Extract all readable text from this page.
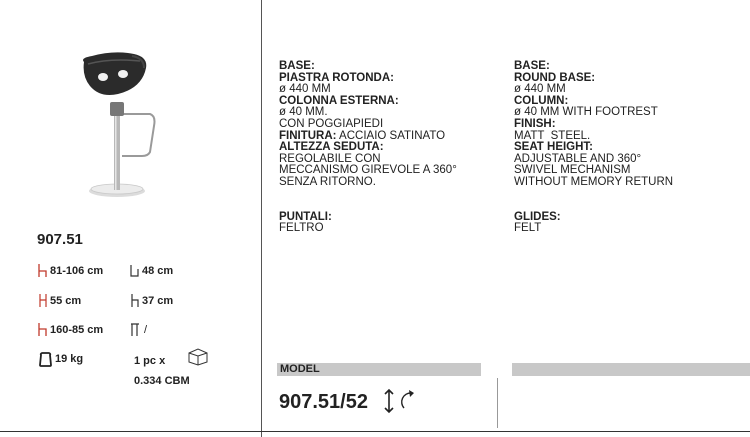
907.51
81-106 cm	48 cm
55 cm	37 cm
160-85 cm	/
19 kg	1 pc x
0.334 CBM
BASE:
PIASTRA ROTONDA:
ø 440 MM
COLONNA ESTERNA:
ø 40 MM.
CON POGGIAPIEDI
FINITURA: ACCIAIO SATINATO
ALTEZZA SEDUTA:
REGOLABILE CON
MECCANISMO GIREVOLE A 360°
SENZA RITORNO.
PUNTALI:
FELTRO
BASE:
ROUND BASE:
ø 440 MM
COLUMN:
ø 40 MM WITH FOOTREST
FINISH:
MATT  STEEL.
SEAT HEIGHT:
ADJUSTABLE AND 360°
SWIVEL MECHANISM
WITHOUT MEMORY RETURN
GLIDES:
FELT
MODEL
907.51/52
